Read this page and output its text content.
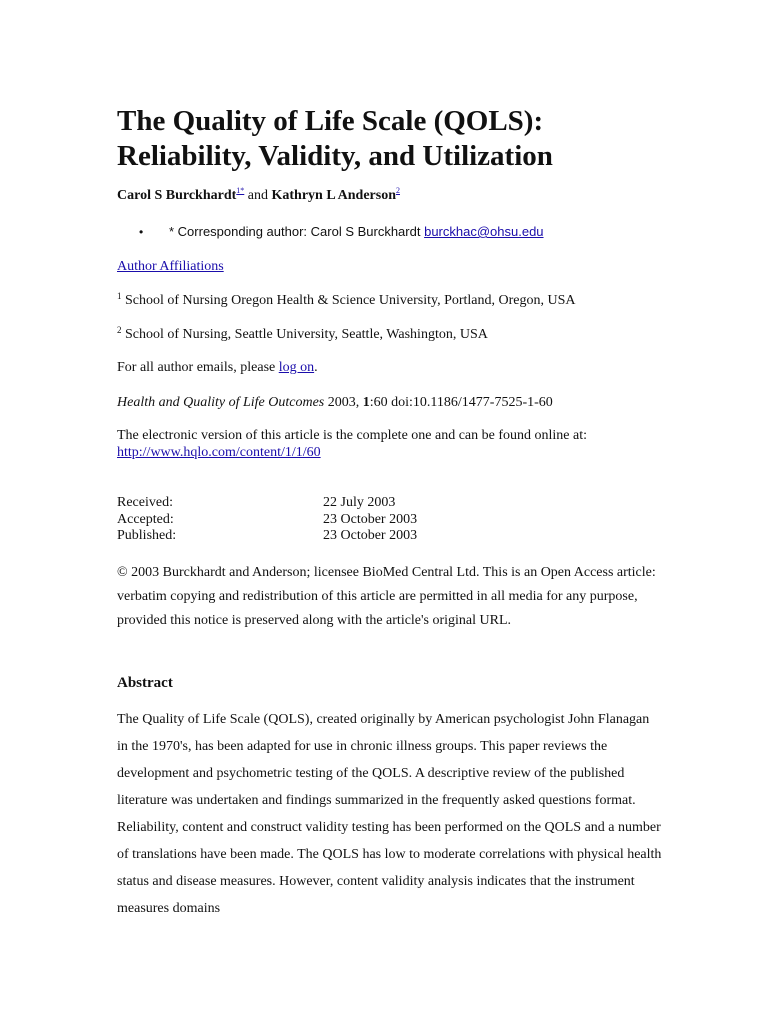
The Quality of Life Scale (QOLS): Reliability, Validity, and Utilization
Carol S Burckhardt$^{1*}$ and Kathryn L Anderson$^2$
• * Corresponding author: Carol S Burckhardt burckhac@ohsu.edu
Author Affiliations
$^1$ School of Nursing Oregon Health & Science University, Portland, Oregon, USA
$^2$ School of Nursing, Seattle University, Seattle, Washington, USA
For all author emails, please log on.
Health and Quality of Life Outcomes 2003, 1:60 doi:10.1186/1477-7525-1-60
The electronic version of this article is the complete one and can be found online at:
http://www.hqlo.com/content/1/1/60
Received:	22 July 2003
Accepted:	23 October 2003
Published:	23 October 2003
© 2003 Burckhardt and Anderson; licensee BioMed Central Ltd. This is an Open Access article: verbatim copying and redistribution of this article are permitted in all media for any purpose, provided this notice is preserved along with the article's original URL.
Abstract
The Quality of Life Scale (QOLS), created originally by American psychologist John Flanagan in the 1970's, has been adapted for use in chronic illness groups. This paper reviews the development and psychometric testing of the QOLS. A descriptive review of the published literature was undertaken and findings summarized in the frequently asked questions format. Reliability, content and construct validity testing has been performed on the QOLS and a number of translations have been made. The QOLS has low to moderate correlations with physical health status and disease measures. However, content validity analysis indicates that the instrument measures domains
